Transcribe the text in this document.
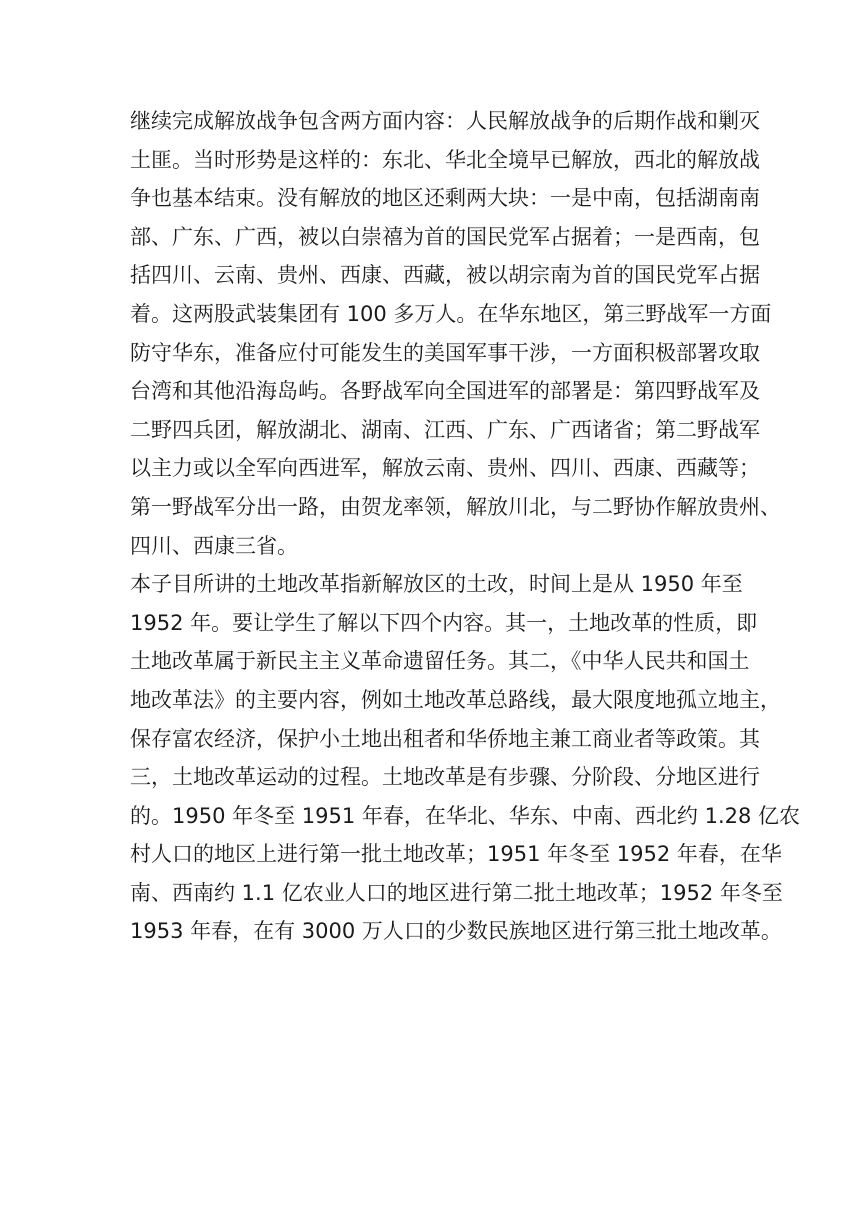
继续完成解放战争包含两方面内容：人民解放战争的后期作战和剿灭
土匪。当时形势是这样的：东北、华北全境早已解放，西北的解放战
争也基本结束。没有解放的地区还剩两大块：一是中南，包括湖南南
部、广东、广西，被以白崇禧为首的国民党军占据着；一是西南，包
括四川、云南、贵州、西康、西藏，被以胡宗南为首的国民党军占据
着。这两股武装集团有 100 多万人。在华东地区，第三野战军一方面
防守华东，准备应付可能发生的美国军事干涉，一方面积极部署攻取
台湾和其他沿海岛屿。各野战军向全国进军的部署是：第四野战军及
二野四兵团，解放湖北、湖南、江西、广东、广西诸省；第二野战军
以主力或以全军向西进军，解放云南、贵州、四川、西康、西藏等；
第一野战军分出一路，由贺龙率领，解放川北，与二野协作解放贵州、
四川、西康三省。
本子目所讲的土地改革指新解放区的土改，时间上是从 1950 年至
1952 年。要让学生了解以下四个内容。其一，土地改革的性质，即
土地改革属于新民主主义革命遗留任务。其二，《中华人民共和国土
地改革法》的主要内容，例如土地改革总路线，最大限度地孤立地主，
保存富农经济，保护小土地出租者和华侨地主兼工商业者等政策。其
三，土地改革运动的过程。土地改革是有步骤、分阶段、分地区进行
的。1950 年冬至 1951 年春，在华北、华东、中南、西北约 1.28 亿农
村人口的地区上进行第一批土地改革；1951 年冬至 1952 年春，在华
南、西南约 1.1 亿农业人口的地区进行第二批土地改革；1952 年冬至
1953 年春，在有 3000 万人口的少数民族地区进行第三批土地改革。
